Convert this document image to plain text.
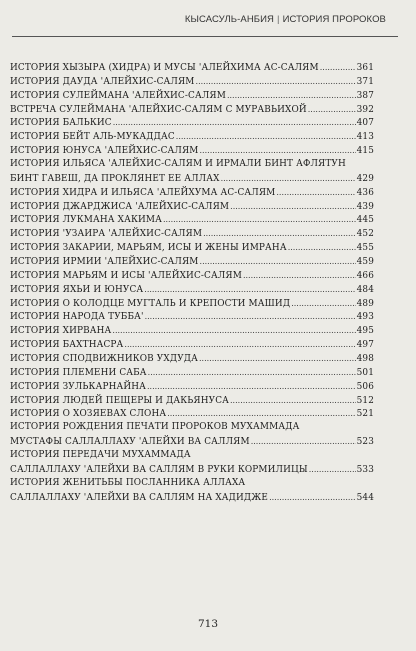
КЫСАСУЛЬ-АНБИЯ | ИСТОРИЯ ПРОРОКОВ
ИСТОРИЯ ХЫЗЫРА (ХИДРА) И МУСЫ 'АЛЕЙХИМА АС-САЛЯМ .....	361
ИСТОРИЯ ДАУДА 'АЛЕЙХИС-САЛЯМ .....	371
ИСТОРИЯ СУЛЕЙМАНА 'АЛЕЙХИС-САЛЯМ .....	387
ВСТРЕЧА СУЛЕЙМАНА 'АЛЕЙХИС-САЛЯМ С МУРАВЬИХОЙ .....	392
ИСТОРИЯ БАЛЬКИС .....	407
ИСТОРИЯ БЕЙТ АЛЬ-МУКАДДАС .....	413
ИСТОРИЯ ЮНУСА 'АЛЕЙХИС-САЛЯМ .....	415
ИСТОРИЯ ИЛЬЯСА 'АЛЕЙХИС-САЛЯМ И ИРМАЛИ БИНТ АФЛЯТУН
БИНТ ГАВЕШ, ДА ПРОКЛЯНЕТ ЕЕ АЛЛАХ .....	429
ИСТОРИЯ ХИДРА И ИЛЬЯСА 'АЛЕЙХУМА АС-САЛЯМ .....	436
ИСТОРИЯ ДЖАРДЖИСА 'АЛЕЙХИС-САЛЯМ .....	439
ИСТОРИЯ ЛУКМАНА ХАКИМА .....	445
ИСТОРИЯ 'УЗАИРА 'АЛЕЙХИС-САЛЯМ .....	452
ИСТОРИЯ ЗАКАРИИ, МАРЬЯМ, ИСЫ И ЖЕНЫ ИМРАНА .....	455
ИСТОРИЯ ИРМИИ 'АЛЕЙХИС-САЛЯМ .....	459
ИСТОРИЯ МАРЬЯМ И ИСЫ 'АЛЕЙХИС-САЛЯМ .....	466
ИСТОРИЯ ЯХЬИ И ЮНУСА .....	484
ИСТОРИЯ О КОЛОДЦЕ МУГТАЛЬ И КРЕПОСТИ МАШИД .....	489
ИСТОРИЯ НАРОДА ТУББА' .....	493
ИСТОРИЯ ХИРВАНА .....	495
ИСТОРИЯ БАХТНАСРА .....	497
ИСТОРИЯ СПОДВИЖНИКОВ УХДУДА .....	498
ИСТОРИЯ ПЛЕМЕНИ САБА .....	501
ИСТОРИЯ ЗУЛЬКАРНАЙНА .....	506
ИСТОРИЯ ЛЮДЕЙ ПЕЩЕРЫ И ДАКЬЯНУСА .....	512
ИСТОРИЯ О ХОЗЯЕВАХ СЛОНА .....	521
ИСТОРИЯ РОЖДЕНИЯ ПЕЧАТИ ПРОРОКОВ МУХАММАДА
МУСТАФЫ САЛЛАЛЛАХУ 'АЛЕЙХИ ВА САЛЛЯМ .....	523
ИСТОРИЯ ПЕРЕДАЧИ МУХАММАДА
САЛЛАЛЛАХУ 'АЛЕЙХИ ВА САЛЛЯМ В РУКИ КОРМИЛИЦЫ .....	533
ИСТОРИЯ ЖЕНИТЬБЫ ПОСЛАННИКА АЛЛАХА
САЛЛАЛЛАХУ 'АЛЕЙХИ ВА САЛЛЯМ НА ХАДИДЖЕ .....	544
713
